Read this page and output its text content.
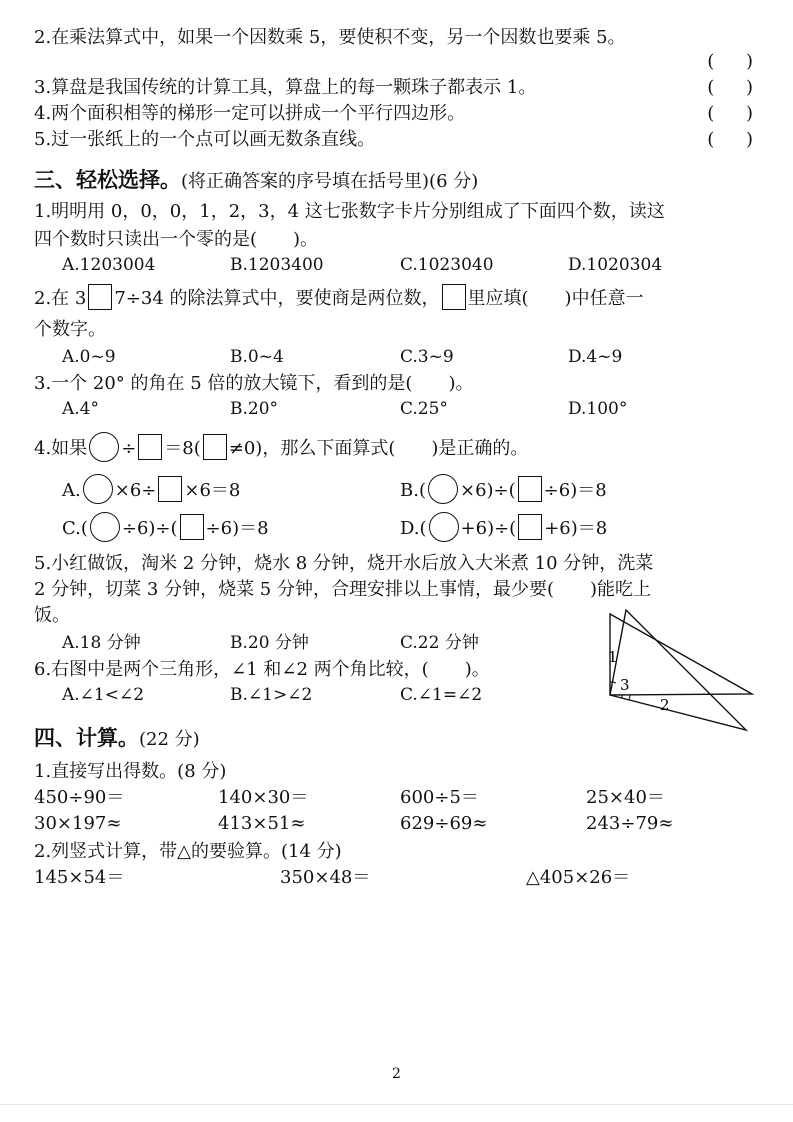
2.在乘法算式中，如果一个因数乘 5，要使积不变，另一个因数也要乘 5。
( )
3.算盘是我国传统的计算工具，算盘上的每一颗珠子都表示 1。	( )
4.两个面积相等的梯形一定可以拼成一个平行四边形。	( )
5.过一张纸上的一个点可以画无数条直线。	( )
三、轻松选择。(将正确答案的序号填在括号里)(6 分)
1.明明用 0，0，0，1，2，3，4 这七张数字卡片分别组成了下面四个数，读这
四个数时只读出一个零的是(　　)。
A.1203004	B.1203400	C.1023040	D.1020304
2.在 3 7÷34 的除法算式中，要使商是两位数， 里应填(　　)中任意一
个数字。
A.0~9	B.0~4	C.3~9	D.4~9
3.一个 20° 的角在 5 倍的放大镜下，看到的是(　　)。
A.4°	B.20°	C.25°	D.100°
4.如果 ÷ ＝8( ≠0)，那么下面算式(　　)是正确的。
A. ×6÷ ×6＝8	B.( ×6)÷( ÷6)＝8
C.( ÷6)÷( ÷6)＝8	D.( +6)÷( +6)＝8
5.小红做饭，淘米 2 分钟，烧水 8 分钟，烧开水后放入大米煮 10 分钟，洗菜
2 分钟，切菜 3 分钟，烧菜 5 分钟，合理安排以上事情，最少要(　　)能吃上
饭。
A.18 分钟	B.20 分钟	C.22 分钟
6.右图中是两个三角形，∠1 和∠2 两个角比较，(　　)。
A.∠1<∠2	B.∠1>∠2	C.∠1=∠2
1
3
2
四、计算。(22 分)
1.直接写出得数。(8 分)
450÷90＝	140×30＝	600÷5＝	25×40＝
30×197≈	413×51≈	629÷69≈	243÷79≈
2.列竖式计算，带△的要验算。(14 分)
145×54＝	350×48＝	△405×26＝
2
